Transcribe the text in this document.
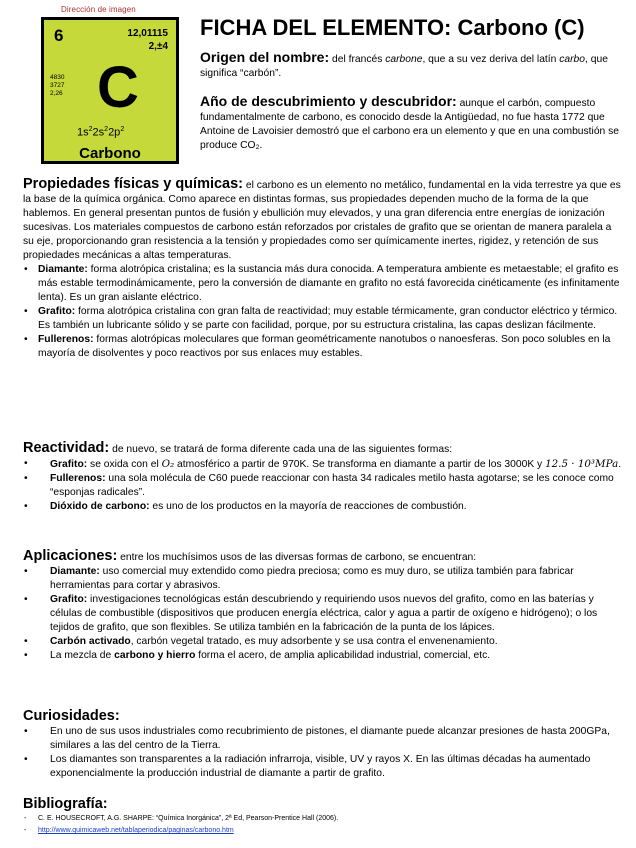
Dirección de imagen
6	12,01115
2,±4
4830
3727
2,26 C
$1s^22s^22p^2$
Carbono
FICHA DEL ELEMENTO: Carbono (C)
Origen del nombre: del francés carbone, que a su vez deriva del latín carbo, que significa “carbón”.
Año de descubrimiento y descubridor: aunque el carbón, compuesto fundamentalmente de carbono, es conocido desde la Antigüedad, no fue hasta 1772 que Antoine de Lavoisier demostró que el carbono era un elemento y que en una combustión se produce CO₂.
Propiedades físicas y químicas: el carbono es un elemento no metálico, fundamental en la vida terrestre ya que es la base de la química orgánica. Como aparece en distintas formas, sus propiedades dependen mucho de la forma de la que hablemos. En general presentan puntos de fusión y ebullición muy elevados, y una gran diferencia entre energías de ionización sucesivas. Los materiales compuestos de carbono están reforzados por cristales de grafito que se orientan de manera paralela a su eje, proporcionando gran resistencia a la tensión y propiedades como ser químicamente inertes, rigidez, y retención de sus propiedades mecánicas a altas temperaturas.
• Diamante: forma alotrópica cristalina; es la sustancia más dura conocida. A temperatura ambiente es metaestable; el grafito es más estable termodinámicamente, pero la conversión de diamante en grafito no está favorecida cinéticamente (es infinitamente lenta). Es un gran aislante eléctrico.
• Grafito: forma alotrópica cristalina con gran falta de reactividad; muy estable térmicamente, gran conductor eléctrico y térmico. Es también un lubricante sólido y se parte con facilidad, porque, por su estructura cristalina, las capas deslizan fácilmente.
• Fullerenos: formas alotrópicas moleculares que forman geométricamente nanotubos o nanoesferas. Son poco solubles en la mayoría de disolventes y poco reactivos por sus enlaces muy estables.
Reactividad: de nuevo, se tratará de forma diferente cada una de las siguientes formas:
• Grafito: se oxida con el O₂ atmosférico a partir de 970K. Se transforma en diamante a partir de los 3000K y 12.5 · 10³MPa.
• Fullerenos: una sola molécula de C60 puede reaccionar con hasta 34 radicales metilo hasta agotarse; se les conoce como “esponjas radicales”.
• Dióxido de carbono: es uno de los productos en la mayoría de reacciones de combustión.
Aplicaciones: entre los muchísimos usos de las diversas formas de carbono, se encuentran:
• Diamante: uso comercial muy extendido como piedra preciosa; como es muy duro, se utiliza también para fabricar herramientas para cortar y abrasivos.
• Grafito: investigaciones tecnológicas están descubriendo y requiriendo usos nuevos del grafito, como en las baterías y células de combustible (dispositivos que producen energía eléctrica, calor y agua a partir de oxígeno e hidrógeno); o los tejidos de grafito, que son flexibles. Se utiliza también en la fabricación de la punta de los lápices.
• Carbón activado, carbón vegetal tratado, es muy adsorbente y se usa contra el envenenamiento.
• La mezcla de carbono y hierro forma el acero, de amplia aplicabilidad industrial, comercial, etc.
Curiosidades:
• En uno de sus usos industriales como recubrimiento de pistones, el diamante puede alcanzar presiones de hasta 200GPa, similares a las del centro de la Tierra.
• Los diamantes son transparentes a la radiación infrarroja, visible, UV y rayos X. En las últimas décadas ha aumentado exponencialmente la producción industrial de diamante a partir de grafito.
Bibliografía:
- C. E. HOUSECROFT, A.G. SHARPE: “Química Inorgánica”, 2ª Ed, Pearson-Prentice Hall (2006).
- http://www.quimicaweb.net/tablaperiodica/paginas/carbono.htm
